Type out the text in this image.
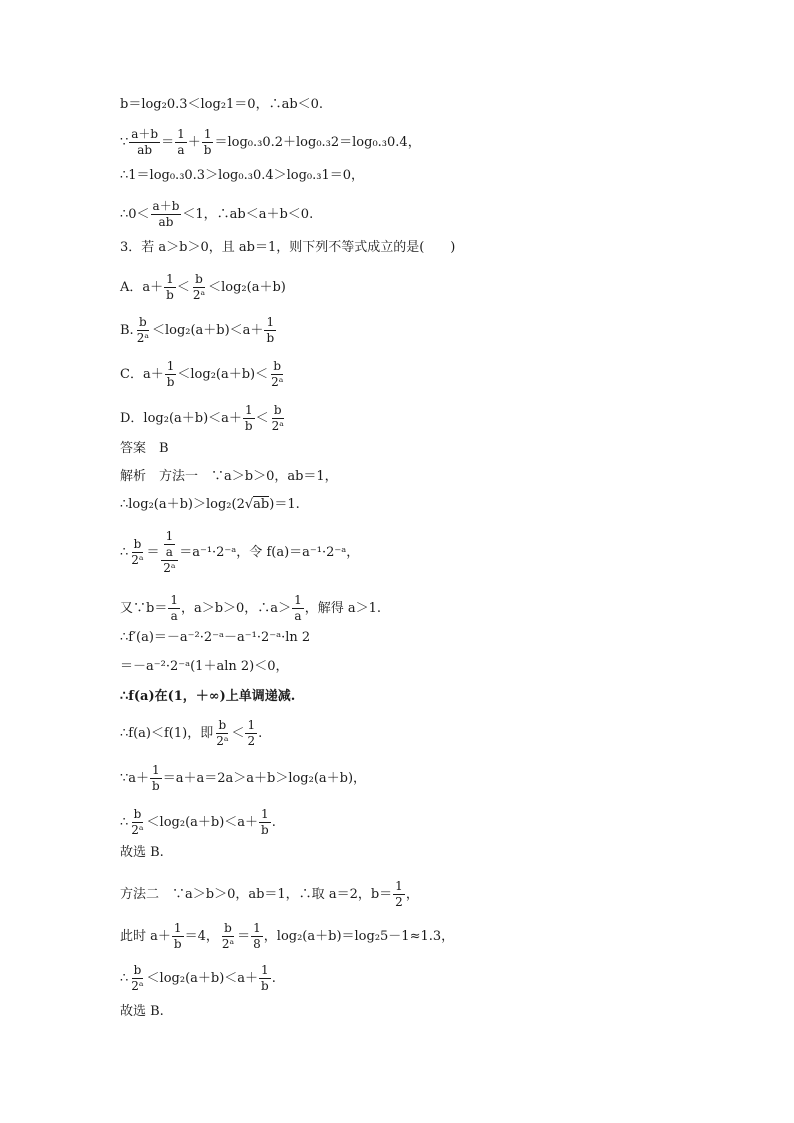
b＝log₂0.3＜log₂1＝0，∴ab＜0.
∵ $\frac{a+b}{ab} = \frac{1}{a} + \frac{1}{b} =\log_0._30.2+\log_0._32=\log_0._30.4$，
∴1＝log₀.₃0.3＞log₀.₃0.4＞log₀.₃1＝0，
∴0＜ $\frac{a+b}{ab} <1$，∴ab＜a＋b＜0.
3．若 a＞b＞0，且 ab＝1，则下列不等式成立的是(　　)
A．$a+ \frac{1}{b} < \frac{b}{\text{2ᵃ}} <\log_2(a+b)$
B. $\frac{b}{\text{2ᵃ}} <\log_2(a+b)<a+ \frac{1}{b}$
C．$a+ \frac{1}{b} <\log_2(a+b)< \frac{b}{\text{2ᵃ}}$
D．$\log_2(a+b)<a+ \frac{1}{b} < \frac{b}{\text{2ᵃ}}$
答案　B
解析　方法一　∵a＞b＞0，ab＝1，
∴log₂(a＋b)＞log₂(2 √ ab )＝1.
∴ $\frac{b}{\text{2ᵃ}} = \frac{\frac{1}{a}}{\text{2ᵃ}}$ ＝a⁻¹·2⁻ᵃ，令 f(a)＝a⁻¹·2⁻ᵃ，
又∵b＝ $\frac{1}{a}$ ，a＞b＞0，∴a＞ $\frac{1}{a}$ ，解得 a＞1.
∴f′(a)＝－a⁻²·2⁻ᵃ－a⁻¹·2⁻ᵃ·ln 2
＝－a⁻²·2⁻ᵃ(1＋aln 2)＜0，
∴f(a)在(1，＋∞)上单调递减.
∴f(a)＜f(1)，即 $\frac{b}{\text{2ᵃ}} < \frac{1}{2}$ .
∵a＋ $\frac{1}{b} =a+a=2a>a+b>\log_2(a+b)$，
∴ $\frac{b}{\text{2ᵃ}} <\log_2(a+b)<a+ \frac{1}{b}$ .
故选 B.
方法二　∵a＞b＞0，ab＝1，∴取 a＝2，$b= \frac{1}{2}$ ，
此时 $a+ \frac{1}{b} =4$， $\frac{b}{\text{2ᵃ}} = \frac{1}{8}$ ，log₂(a＋b)＝log₂5－1≈1.3，
∴ $\frac{b}{\text{2ᵃ}} <\log_2(a+b)<a+ \frac{1}{b}$ .
故选 B.
